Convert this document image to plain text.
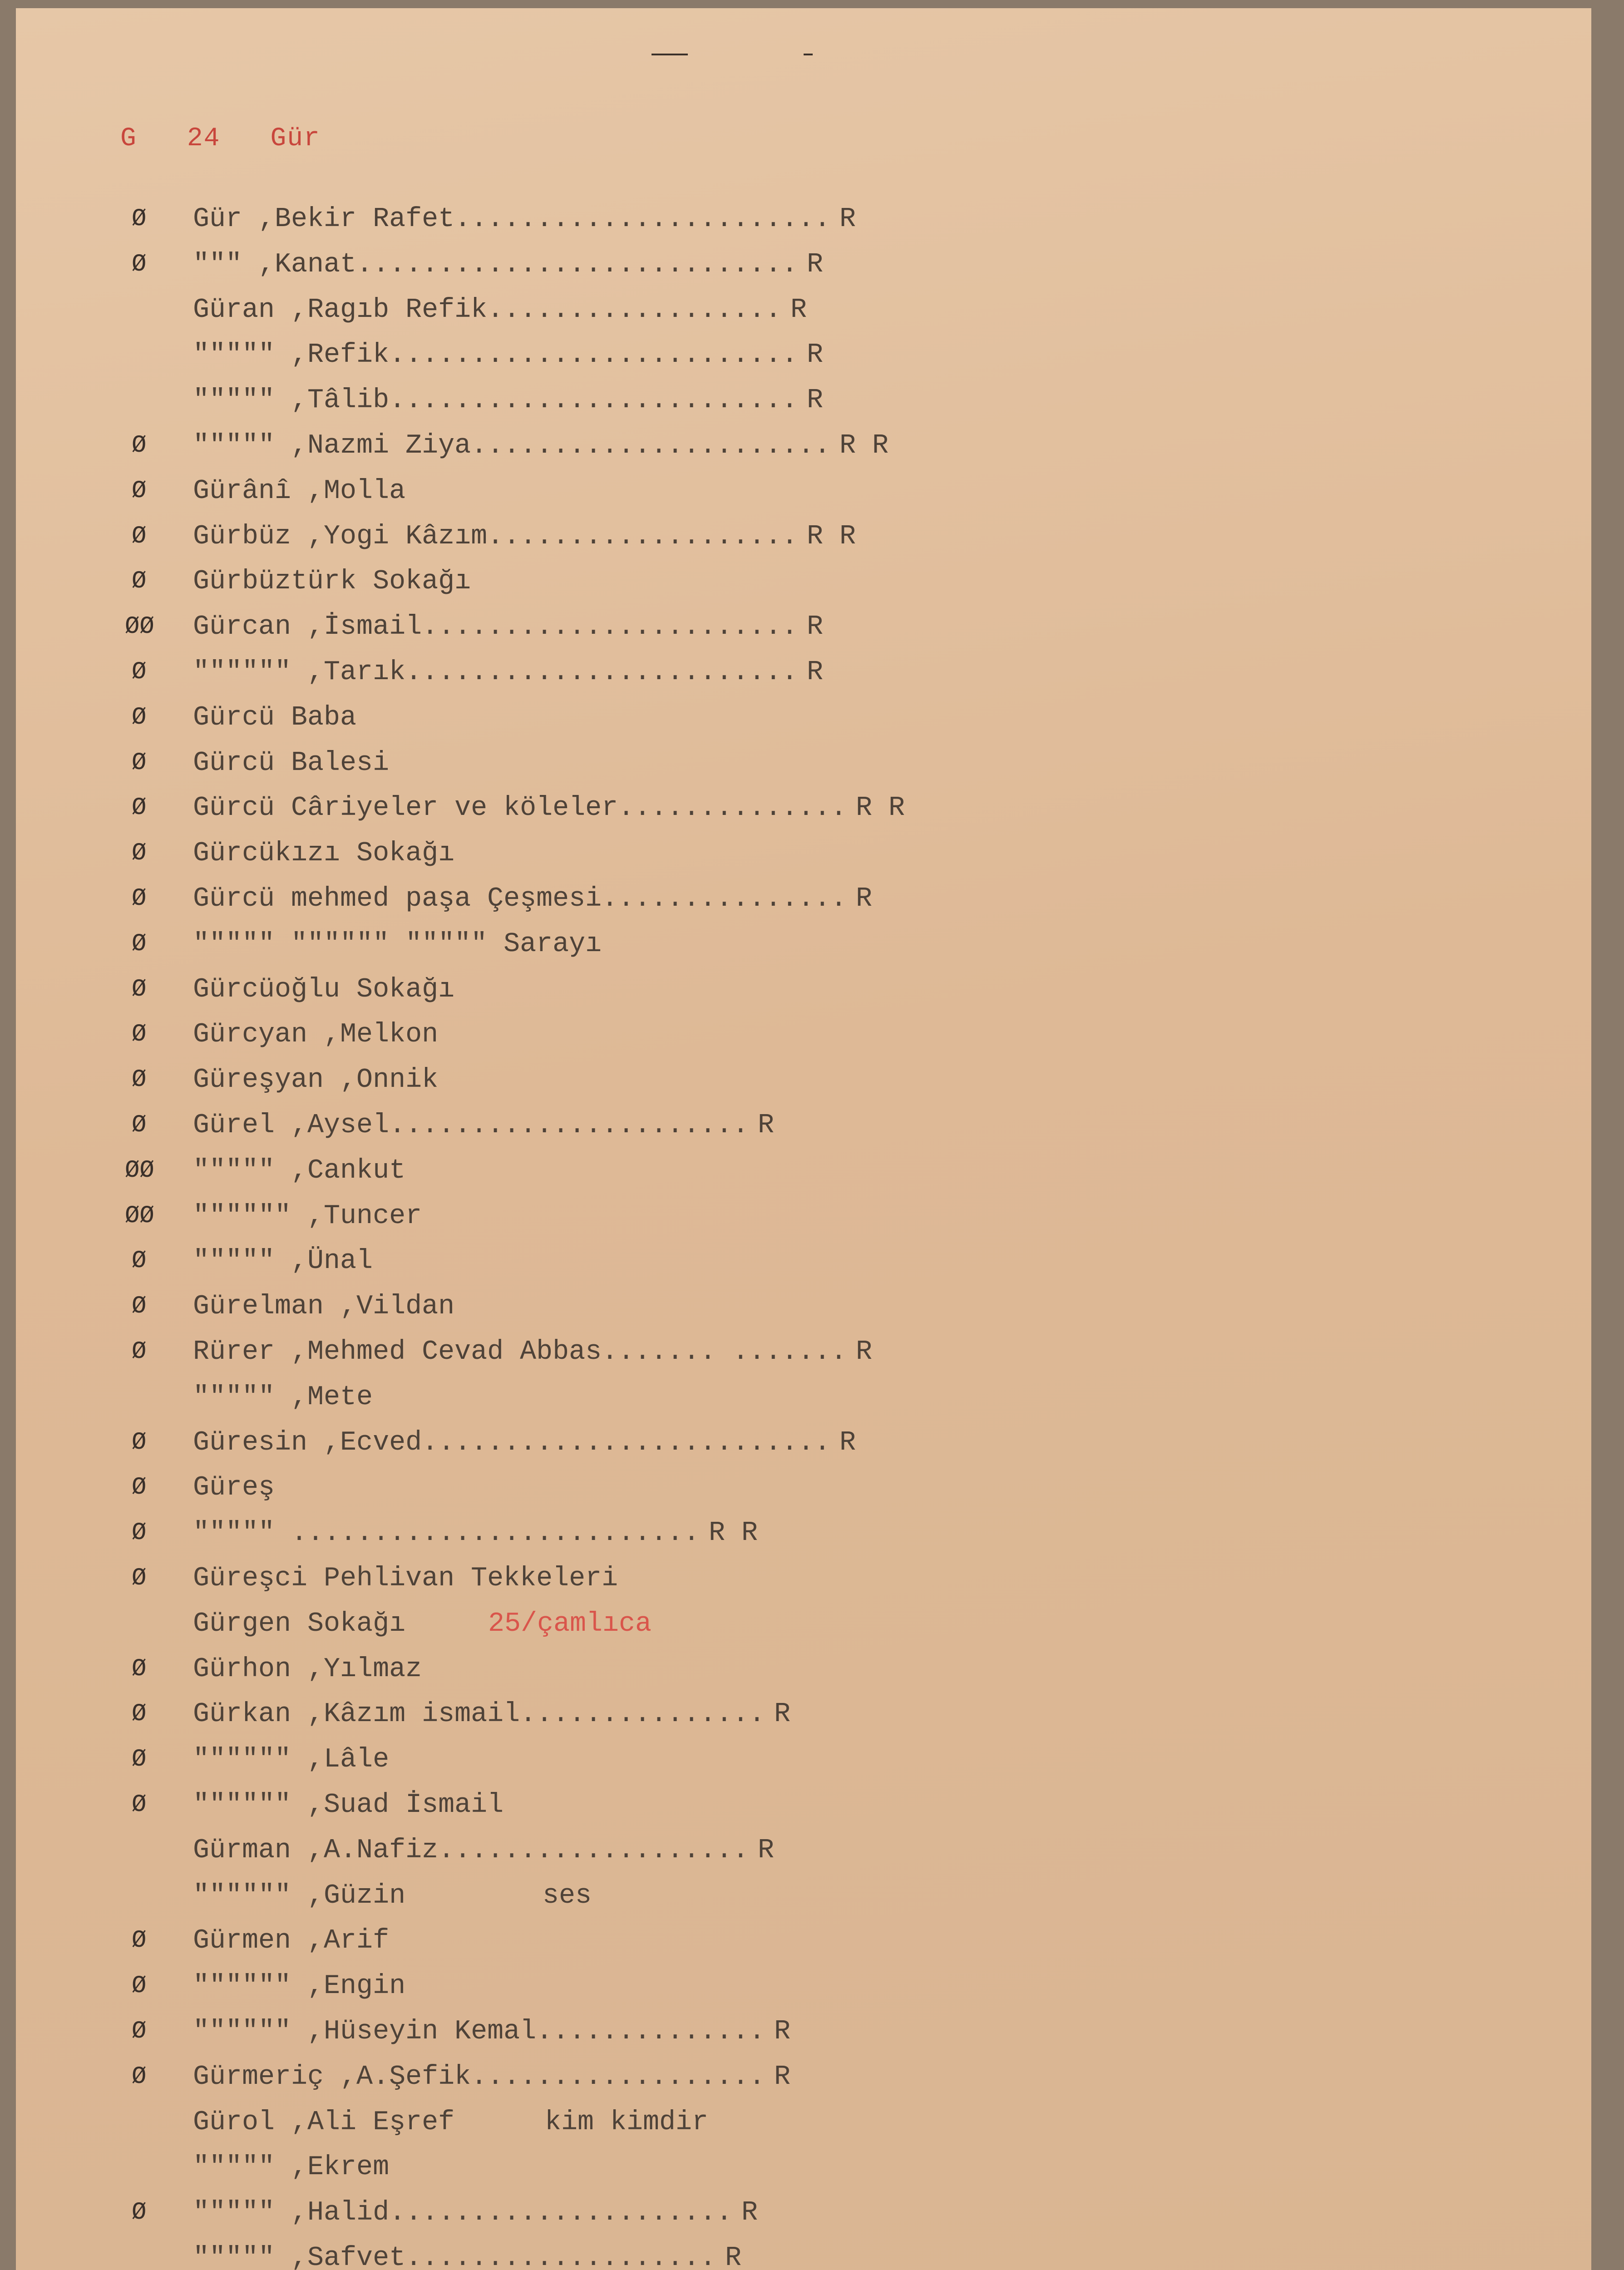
G 24 Gür
Ø Gür ,Bekir Rafet....................... R
Ø """ ,Kanat........................... R
Güran ,Ragıb Refik.................. R
""""" ,Refik......................... R
""""" ,Tâlib......................... R
Ø """"" ,Nazmi Ziya...................... R R
Ø Gürânî ,Molla
Ø Gürbüz ,Yogi Kâzım................... R R
Ø Gürbüztürk Sokağı
ØØ Gürcan ,İsmail....................... R
Ø """""" ,Tarık........................ R
Ø Gürcü Baba
Ø Gürcü Balesi
Ø Gürcü Câriyeler ve köleler.............. R R
Ø Gürcükızı Sokağı
Ø Gürcü mehmed paşa Çeşmesi............... R
Ø """"" """""" """"" Sarayı
Ø Gürcüoğlu Sokağı
Ø Gürcyan ,Melkon
Ø Güreşyan ,Onnik
Ø Gürel ,Aysel...................... R
ØØ """"" ,Cankut
ØØ """""" ,Tuncer
Ø """"" ,Ünal
Ø Gürelman ,Vildan
Ø Rürer ,Mehmed Cevad Abbas....... ....... R
""""" ,Mete
Ø Güresin ,Ecved......................... R
Ø Güreş
Ø """"" ......................... R R
Ø Güreşci Pehlivan Tekkeleri
Gürgen Sokağı	25/çamlıca
Ø Gürhon ,Yılmaz
Ø Gürkan ,Kâzım ismail............... R
Ø """""" ,Lâle
Ø """""" ,Suad İsmail
Gürman ,A.Nafiz................... R
"""""" ,Güzin	ses
Ø Gürmen ,Arif
Ø """""" ,Engin
Ø """""" ,Hüseyin Kemal.............. R
Ø Gürmeriç ,A.Şefik.................. R
Gürol ,Ali Eşref	kim kimdir
""""" ,Ekrem
Ø """"" ,Halid..................... R
""""" ,Safvet................... R
